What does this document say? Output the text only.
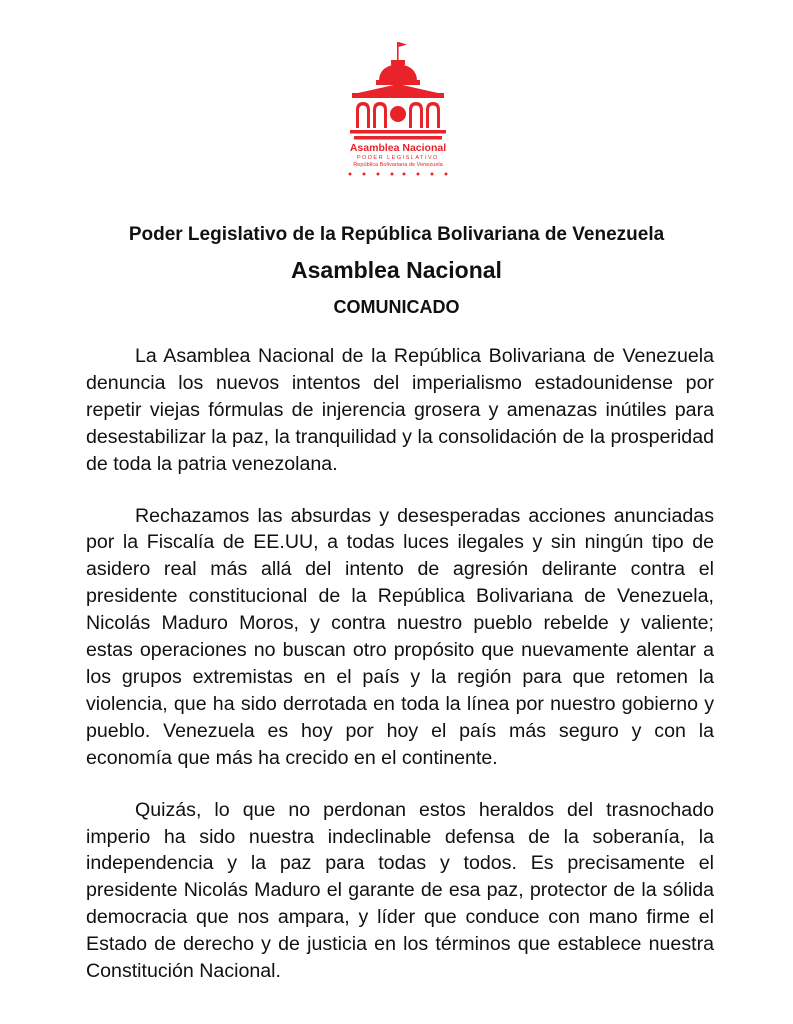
Asamblea Nacional
PODER LEGISLATIVO
República Bolivariana de Venezuela
Poder Legislativo de la República Bolivariana de Venezuela
Asamblea Nacional
COMUNICADO

La Asamblea Nacional de la República Bolivariana de Venezuela denuncia los nuevos intentos del imperialismo estadounidense por repetir viejas fórmulas de injerencia grosera y amenazas inútiles para desestabilizar la paz, la tranquilidad y la consolidación de la prosperidad de toda la patria venezolana.

Rechazamos las absurdas y desesperadas acciones anunciadas por la Fiscalía de EE.UU, a todas luces ilegales y sin ningún tipo de asidero real más allá del intento de agresión delirante contra el presidente constitucional de la República Bolivariana de Venezuela, Nicolás Maduro Moros, y contra nuestro pueblo rebelde y valiente; estas operaciones no buscan otro propósito que nuevamente alentar a los grupos extremistas en el país y la región para que retomen la violencia, que ha sido derrotada en toda la línea por nuestro gobierno y pueblo. Venezuela es hoy por hoy el país más seguro y con la economía que más ha crecido en el continente.

Quizás, lo que no perdonan estos heraldos del trasnochado imperio ha sido nuestra indeclinable defensa de la soberanía, la independencia y la paz para todas y todos. Es precisamente el presidente Nicolás Maduro el garante de esa paz, protector de la sólida democracia que nos ampara, y líder que conduce con mano firme el Estado de derecho y de justicia en los términos que establece nuestra Constitución Nacional.
